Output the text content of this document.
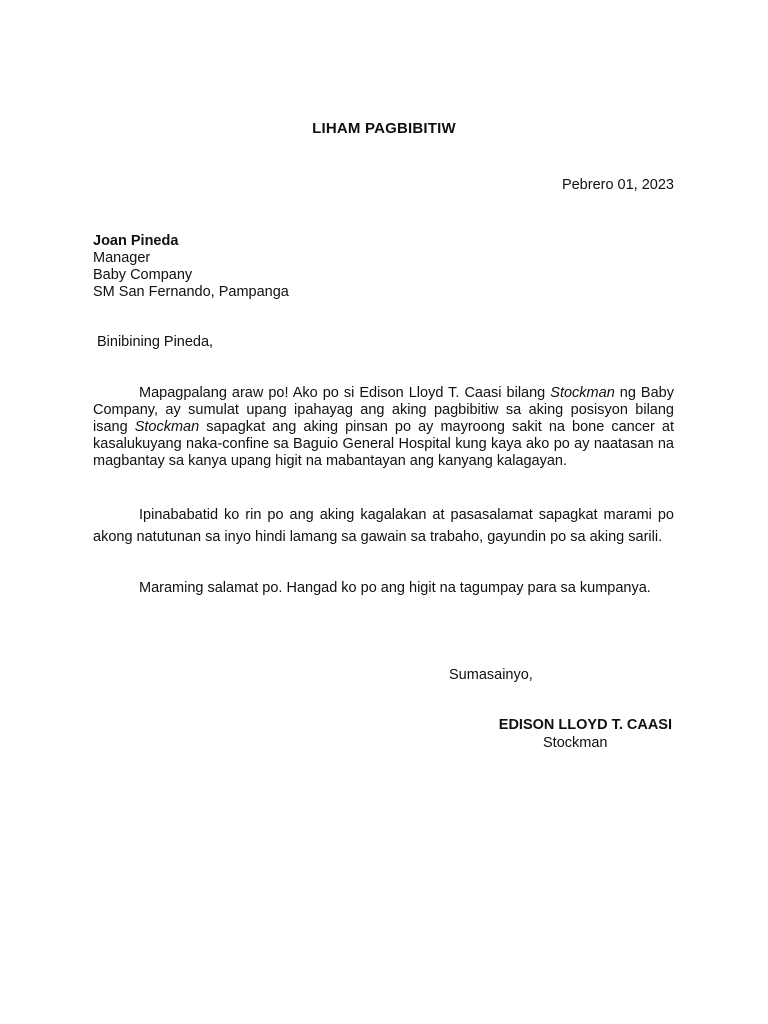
LIHAM PAGBIBITIW
Pebrero 01, 2023
Joan Pineda
Manager
Baby Company
SM San Fernando, Pampanga
Binibining Pineda,
Mapagpalang araw po! Ako po si Edison Lloyd T. Caasi bilang Stockman ng Baby Company, ay sumulat upang ipahayag ang aking pagbibitiw sa aking posisyon bilang isang Stockman sapagkat ang aking pinsan po ay mayroong sakit na bone cancer at kasalukuyang naka-confine sa Baguio General Hospital kung kaya ako po ay naatasan na magbantay sa kanya upang higit na mabantayan ang kanyang kalagayan.
Ipinababatid ko rin po ang aking kagalakan at pasasalamat sapagkat marami po akong natutunan sa inyo hindi lamang sa gawain sa trabaho, gayundin po sa aking sarili.
Maraming salamat po. Hangad ko po ang higit na tagumpay para sa kumpanya.
Sumasainyo,
EDISON LLOYD T. CAASI
Stockman
